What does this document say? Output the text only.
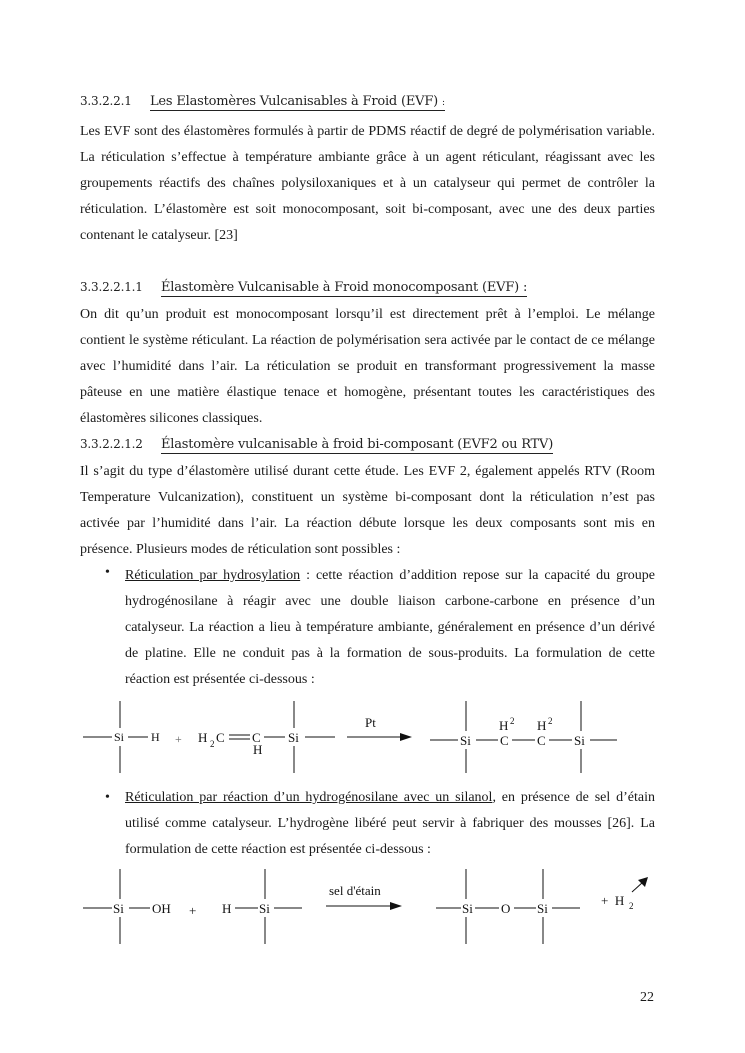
3.3.2.2.1 Les Elastomères Vulcanisables à Froid (EVF) :
Les EVF sont des élastomères formulés à partir de PDMS réactif de degré de polymérisation variable. La réticulation s’effectue à température ambiante grâce à un agent réticulant, réagissant avec les groupements réactifs des chaînes polysiloxaniques et à un catalyseur qui permet de contrôler la réticulation. L’élastomère est soit monocomposant, soit bi-composant, avec une des deux parties contenant le catalyseur. [23]
3.3.2.2.1.1 Élastomère Vulcanisable à Froid monocomposant (EVF) :
On dit qu’un produit est monocomposant lorsqu’il est directement prêt à l’emploi. Le mélange contient le système réticulant. La réaction de polymérisation sera activée par le contact de ce mélange avec l’humidité dans l’air. La réticulation se produit en transformant progressivement la masse pâteuse en une matière élastique tenace et homogène, présentant toutes les caractéristiques des élastomères silicones classiques.
3.3.2.2.1.2 Élastomère vulcanisable à froid bi-composant (EVF2 ou RTV)
Il s’agit du type d’élastomère utilisé durant cette étude. Les EVF 2, également appelés RTV (Room Temperature Vulcanization), constituent un système bi-composant dont la réticulation n’est pas activée par l’humidité dans l’air. La réaction débute lorsque les deux composants sont mis en présence. Plusieurs modes de réticulation sont possibles :
• Réticulation par hydrosylation : cette réaction d’addition repose sur la capacité du groupe hydrogénosilane à réagir avec une double liaison carbone-carbone en présence d’un catalyseur. La réaction a lieu à température ambiante, généralement en présence d’un dérivé de platine. Elle ne conduit pas à la formation de sous-produits. La formulation de cette réaction est présentée ci-dessous :
Si H + H 2 C C
H
Si
Pt
Si
H 2
C
H 2
C Si
• Réticulation par réaction d’un hydrogénosilane avec un silanol, en présence de sel d’étain utilisé comme catalyseur. L’hydrogène libéré peut servir à fabriquer des mousses [26]. La formulation de cette réaction est présentée ci-dessous :
Si OH + H Si
sel d'étain
Si O Si
+  H 2
22
